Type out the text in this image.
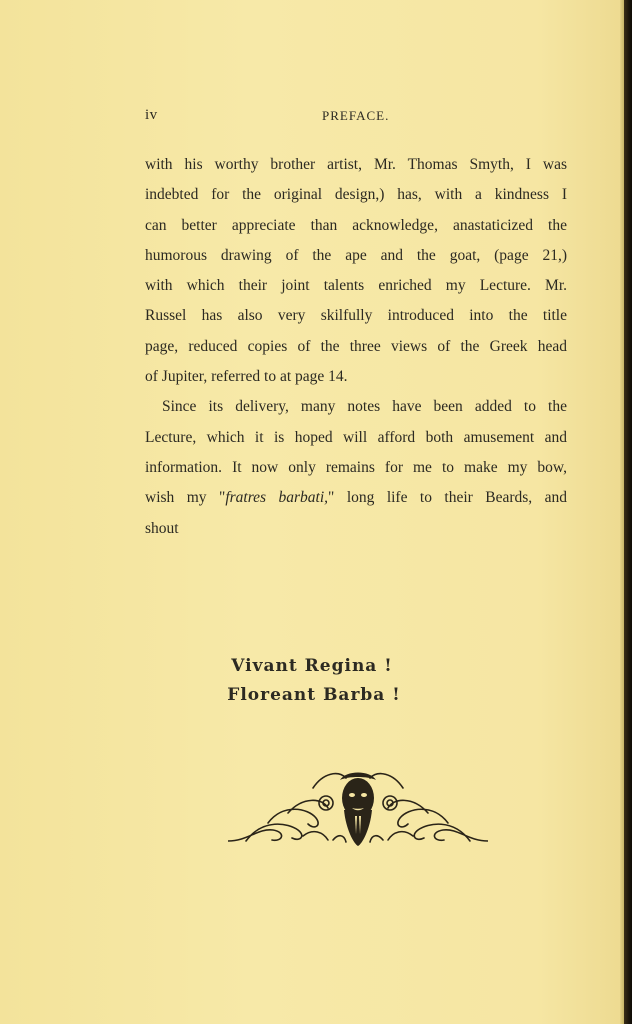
iv	PREFACE.
with his worthy brother artist, Mr. Thomas Smyth, I was
indebted for the original design,) has, with a kindness I
can better appreciate than acknowledge, anastaticized the
humorous drawing of the ape and the goat, (page 21,)
with which their joint talents enriched my Lecture. Mr.
Russel has also very skilfully introduced into the title
page, reduced copies of the three views of the Greek head
of Jupiter, referred to at page 14.
Since its delivery, many notes have been added to the
Lecture, which it is hoped will afford both amusement and
information. It now only remains for me to make my bow,
wish my "fratres barbati," long life to their Beards, and
shout
Vivant Regina !
Floreant Barba !
